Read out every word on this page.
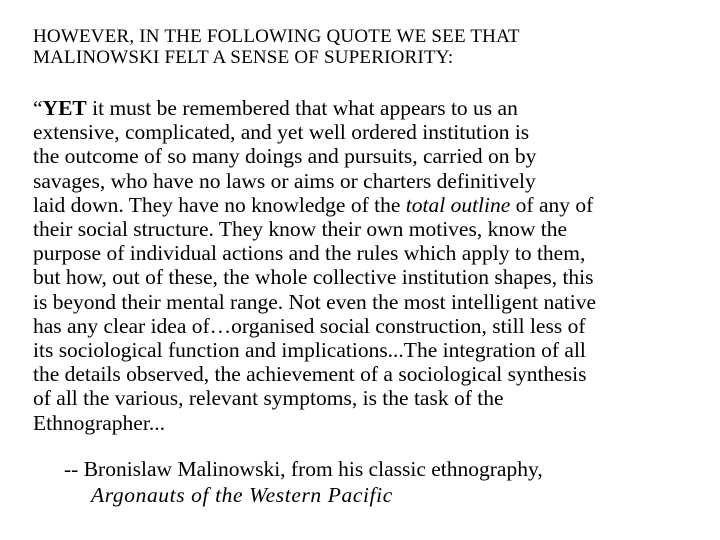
HOWEVER, IN THE FOLLOWING QUOTE WE SEE THAT
MALINOWSKI FELT A SENSE OF SUPERIORITY:
“YET it must be remembered that what appears to us an
extensive, complicated, and yet well ordered institution is
the outcome of so many doings and pursuits, carried on by
savages, who have no laws or aims or charters definitively
laid down. They have no knowledge of the total outline of any of
their social structure. They know their own motives, know the
purpose of individual actions and the rules which apply to them,
but how, out of these, the whole collective institution shapes, this
is beyond their mental range. Not even the most intelligent native
has any clear idea of…organised social construction, still less of
its sociological function and implications...The integration of all
the details observed, the achievement of a sociological synthesis
of all the various, relevant symptoms, is the task of the
Ethnographer...
-- Bronislaw Malinowski, from his classic ethnography,
Argonauts of the Western Pacific
